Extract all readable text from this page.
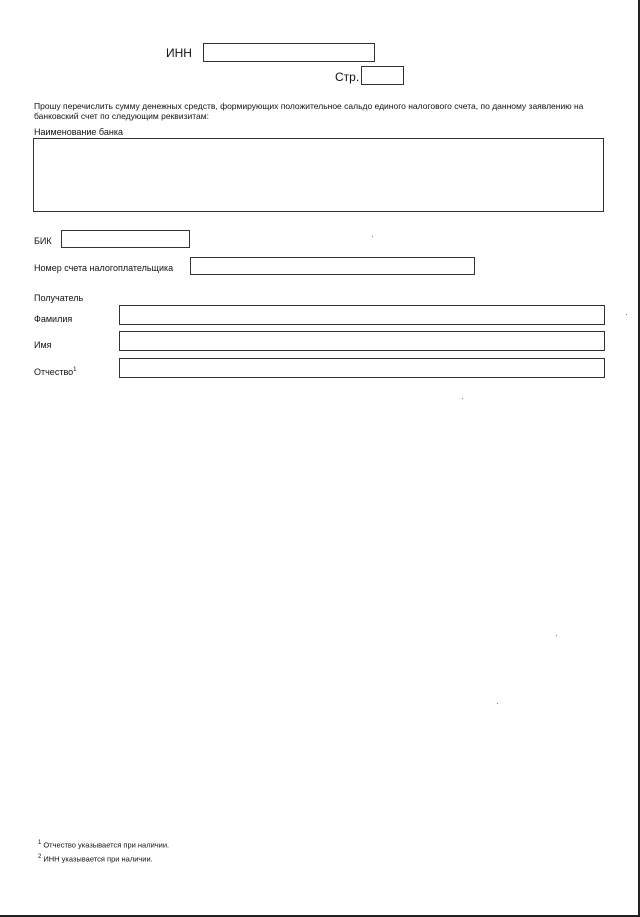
ИНН
Стр.
Прошу перечислить сумму денежных средств, формирующих положительное сальдо единого налогового счета, по данному заявлению на банковский счет по следующим реквизитам:
Наименование банка
БИК
Номер счета налогоплательщика
Получатель
Фамилия
Имя
Отчество$^1$
$^1$ Отчество указывается при наличии.
$^2$ ИНН указывается при наличии.
